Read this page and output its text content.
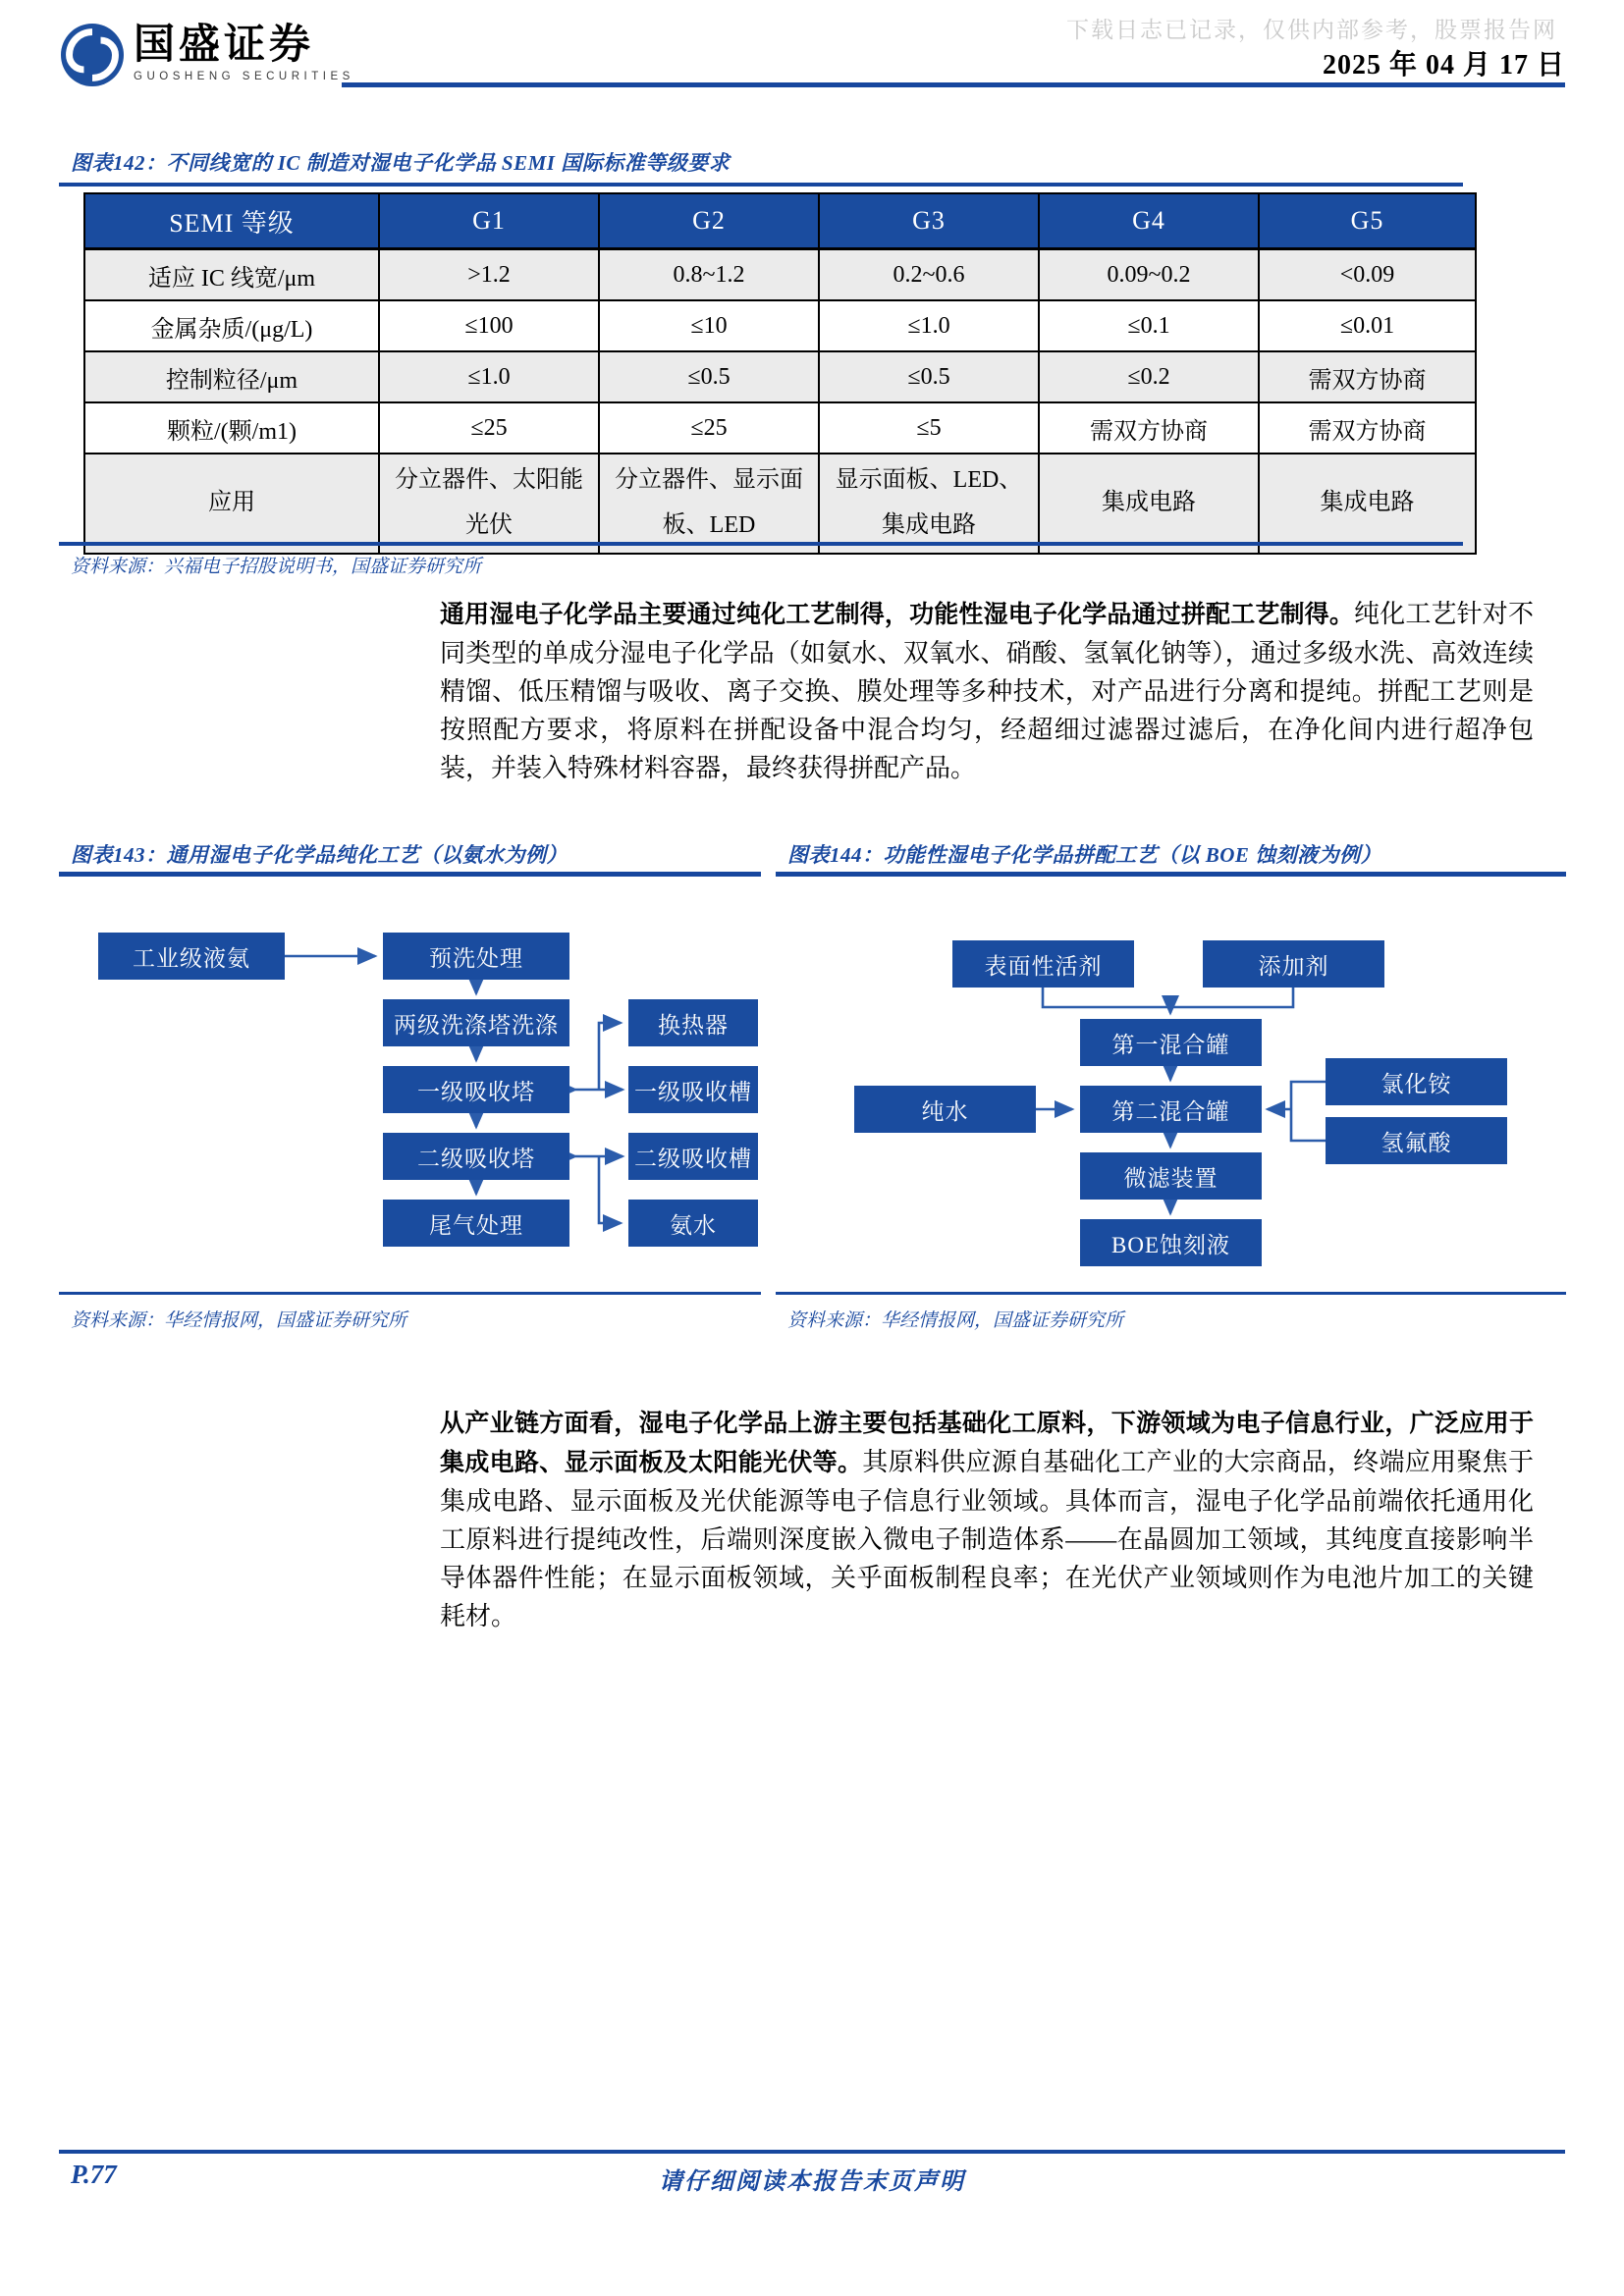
国盛证券
GUOSHENG SECURITIES
下载日志已记录，仅供内部参考，股票报告网
2025 年 04 月 17 日
图表142：不同线宽的 IC 制造对湿电子化学品 SEMI 国际标准等级要求
SEMI 等级	G1	G2	G3	G4	G5
适应 IC 线宽/μm	>1.2	0.8~1.2	0.2~0.6	0.09~0.2	<0.09
金属杂质/(μg/L)	≤100	≤10	≤1.0	≤0.1	≤0.01
控制粒径/μm	≤1.0	≤0.5	≤0.5	≤0.2	需双方协商
颗粒/(颗/m1)	≤25	≤25	≤5	需双方协商	需双方协商
应用	分立器件、太阳能光伏	分立器件、显示面板、LED	显示面板、LED、集成电路	集成电路	集成电路
资料来源：兴福电子招股说明书，国盛证券研究所
通用湿电子化学品主要通过纯化工艺制得，功能性湿电子化学品通过拼配工艺制得。纯化工艺针对不同类型的单成分湿电子化学品（如氨水、双氧水、硝酸、氢氧化钠等），通过多级水洗、高效连续精馏、低压精馏与吸收、离子交换、膜处理等多种技术，对产品进行分离和提纯。拼配工艺则是按照配方要求，将原料在拼配设备中混合均匀，经超细过滤器过滤后，在净化间内进行超净包装，并装入特殊材料容器，最终获得拼配产品。
图表143：通用湿电子化学品纯化工艺（以氨水为例）
工业级液氨	预洗处理
两级洗涤塔洗涤
一级吸收塔
二级吸收塔
尾气处理
换热器
一级吸收槽
二级吸收槽
氨水
资料来源：华经情报网，国盛证券研究所
图表144：功能性湿电子化学品拼配工艺（以 BOE 蚀刻液为例）
表面性活剂	添加剂
第一混合罐
第二混合罐
纯水
氯化铵
氢氟酸
微滤装置
BOE蚀刻液
资料来源：华经情报网，国盛证券研究所
从产业链方面看，湿电子化学品上游主要包括基础化工原料，下游领域为电子信息行业，广泛应用于集成电路、显示面板及太阳能光伏等。其原料供应源自基础化工产业的大宗商品，终端应用聚焦于集成电路、显示面板及光伏能源等电子信息行业领域。具体而言，湿电子化学品前端依托通用化工原料进行提纯改性，后端则深度嵌入微电子制造体系——在晶圆加工领域，其纯度直接影响半导体器件性能；在显示面板领域，关乎面板制程良率；在光伏产业领域则作为电池片加工的关键耗材。
请仔细阅读本报告末页声明
P.77
